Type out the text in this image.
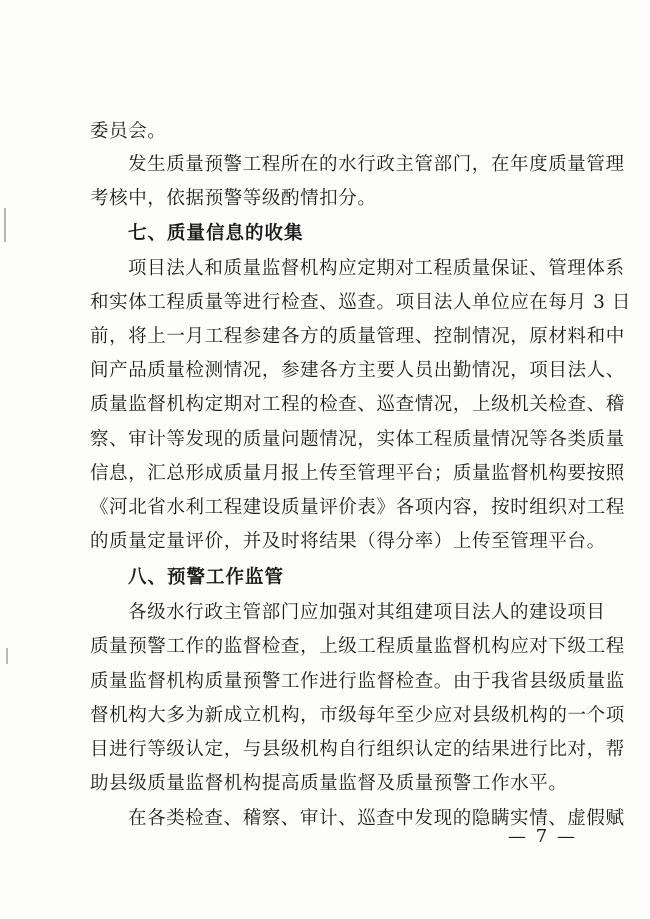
委员会。
发生质量预警工程所在的水行政主管部门，在年度质量管理
考核中，依据预警等级酌情扣分。
七、质量信息的收集
项目法人和质量监督机构应定期对工程质量保证、管理体系
和实体工程质量等进行检查、巡查。项目法人单位应在每月 3 日
前，将上一月工程参建各方的质量管理、控制情况，原材料和中
间产品质量检测情况，参建各方主要人员出勤情况，项目法人、
质量监督机构定期对工程的检查、巡查情况，上级机关检查、稽
察、审计等发现的质量问题情况，实体工程质量情况等各类质量
信息，汇总形成质量月报上传至管理平台；质量监督机构要按照
《河北省水利工程建设质量评价表》各项内容，按时组织对工程
的质量定量评价，并及时将结果（得分率）上传至管理平台。
八、预警工作监管
各级水行政主管部门应加强对其组建项目法人的建设项目
质量预警工作的监督检查，上级工程质量监督机构应对下级工程
质量监督机构质量预警工作进行监督检查。由于我省县级质量监
督机构大多为新成立机构，市级每年至少应对县级机构的一个项
目进行等级认定，与县级机构自行组织认定的结果进行比对，帮
助县级质量监督机构提高质量监督及质量预警工作水平。
在各类检查、稽察、审计、巡查中发现的隐瞒实情、虚假赋
— 7 —
